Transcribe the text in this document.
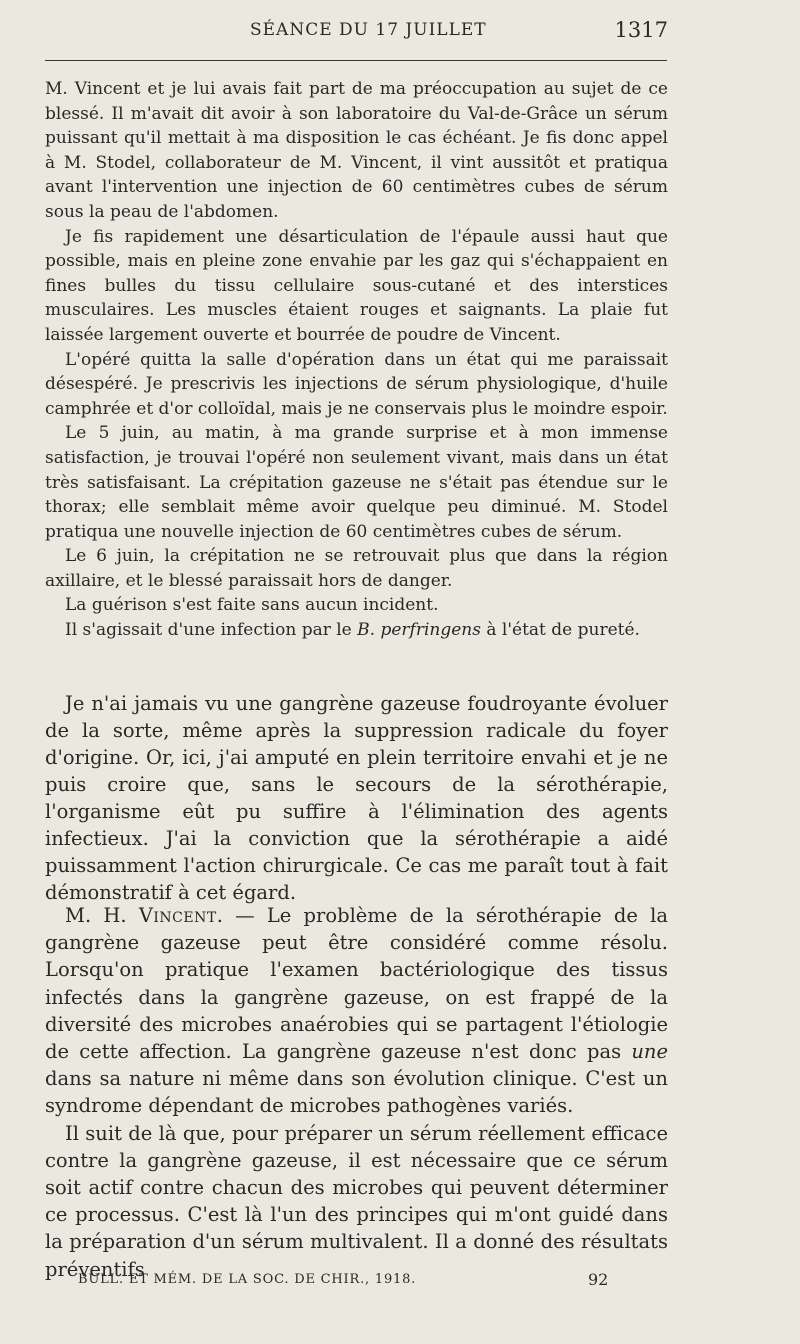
SÉANCE DU 17 JUILLET	1317

M. Vincent et je lui avais fait part de ma préoccupation au sujet de ce blessé. Il m'avait dit avoir à son laboratoire du Val-de-Grâce un sérum puissant qu'il mettait à ma disposition le cas échéant. Je fis donc appel à M. Stodel, collaborateur de M. Vincent, il vint aussitôt et pratiqua avant l'intervention une injection de 60 centimètres cubes de sérum sous la peau de l'abdomen.

Je fis rapidement une désarticulation de l'épaule aussi haut que possible, mais en pleine zone envahie par les gaz qui s'échappaient en fines bulles du tissu cellulaire sous-cutané et des interstices musculaires. Les muscles étaient rouges et saignants. La plaie fut laissée largement ouverte et bourrée de poudre de Vincent.

L'opéré quitta la salle d'opération dans un état qui me paraissait désespéré. Je prescrivis les injections de sérum physiologique, d'huile camphrée et d'or colloïdal, mais je ne conservais plus le moindre espoir.

Le 5 juin, au matin, à ma grande surprise et à mon immense satisfaction, je trouvai l'opéré non seulement vivant, mais dans un état très satisfaisant. La crépitation gazeuse ne s'était pas étendue sur le thorax; elle semblait même avoir quelque peu diminué. M. Stodel pratiqua une nouvelle injection de 60 centimètres cubes de sérum.

Le 6 juin, la crépitation ne se retrouvait plus que dans la région axillaire, et le blessé paraissait hors de danger.

La guérison s'est faite sans aucun incident.

Il s'agissait d'une infection par le B. perfringens à l'état de pureté.

Je n'ai jamais vu une gangrène gazeuse foudroyante évoluer de la sorte, même après la suppression radicale du foyer d'origine. Or, ici, j'ai amputé en plein territoire envahi et je ne puis croire que, sans le secours de la sérothérapie, l'organisme eût pu suffire à l'élimination des agents infectieux. J'ai la conviction que la sérothérapie a aidé puissamment l'action chirurgicale. Ce cas me paraît tout à fait démonstratif à cet égard.

M. H. Vincent. — Le problème de la sérothérapie de la gangrène gazeuse peut être considéré comme résolu. Lorsqu'on pratique l'examen bactériologique des tissus infectés dans la gangrène gazeuse, on est frappé de la diversité des microbes anaérobies qui se partagent l'étiologie de cette affection. La gangrène gazeuse n'est donc pas une dans sa nature ni même dans son évolution clinique. C'est un syndrome dépendant de microbes pathogènes variés.

Il suit de là que, pour préparer un sérum réellement efficace contre la gangrène gazeuse, il est nécessaire que ce sérum soit actif contre chacun des microbes qui peuvent déterminer ce processus. C'est là l'un des principes qui m'ont guidé dans la préparation d'un sérum multivalent. Il a donné des résultats préventifs

BULL. ET MÉM. DE LA SOC. DE CHIR., 1918.	92
